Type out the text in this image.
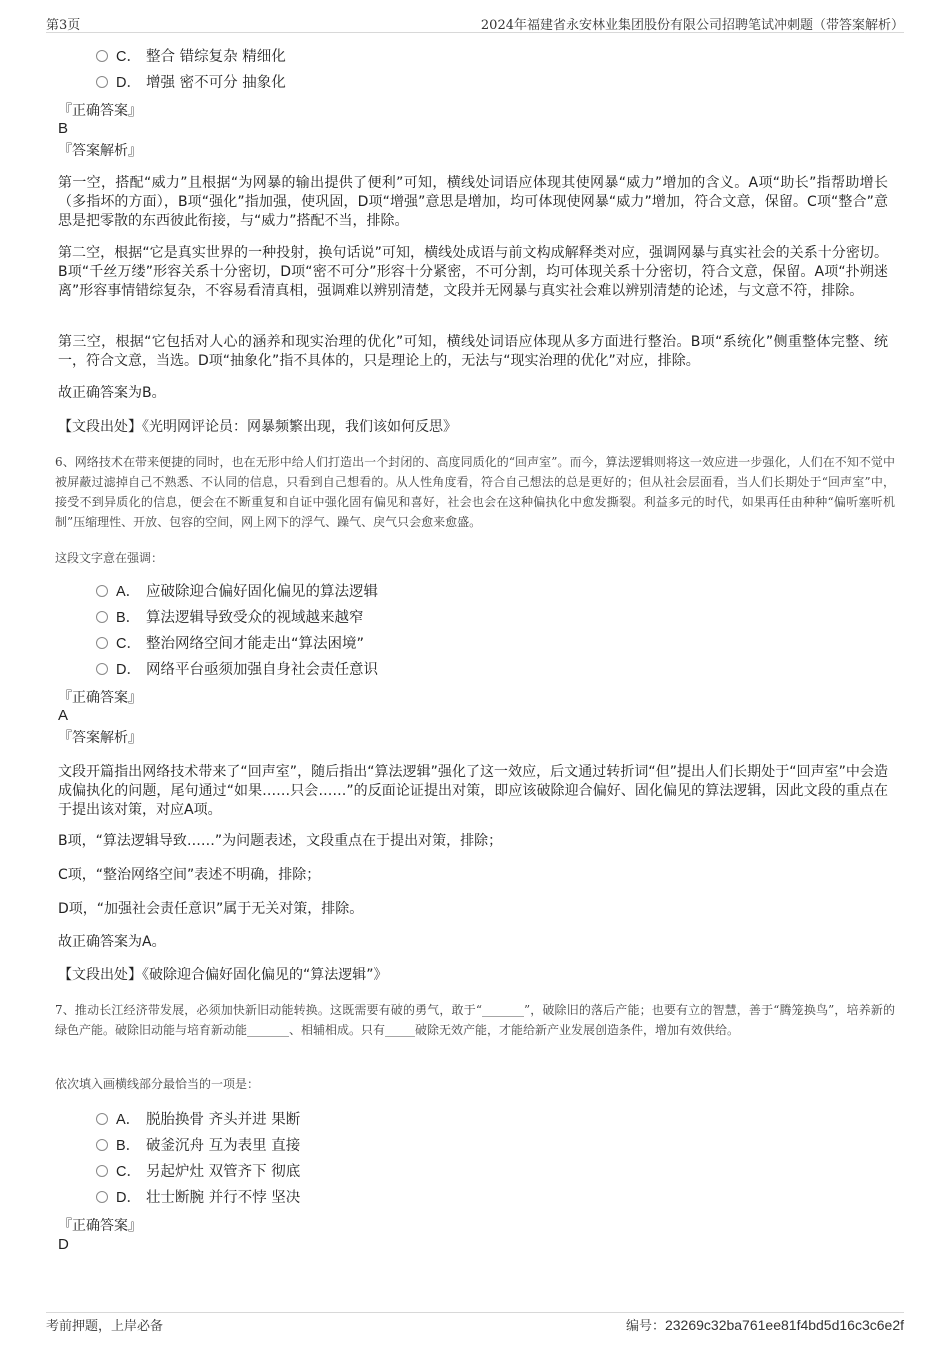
第3页	2024年福建省永安林业集团股份有限公司招聘笔试冲刺题（带答案解析）
C． 整合 错综复杂 精细化
D． 增强 密不可分 抽象化
『正确答案』
B
『答案解析』
第一空，搭配“威力”且根据“为网暴的输出提供了便利”可知，横线处词语应体现其使网暴“威力”增加的含义。A项“助长”指帮助增长（多指坏的方面），B项“强化”指加强，使巩固，D项“增强”意思是增加，均可体现使网暴“威力”增加，符合文意，保留。C项“整合”意思是把零散的东西彼此衔接，与“威力”搭配不当，排除。
第二空，根据“它是真实世界的一种投射，换句话说”可知，横线处成语与前文构成解释类对应，强调网暴与真实社会的关系十分密切。B项“千丝万缕”形容关系十分密切，D项“密不可分”形容十分紧密，不可分割，均可体现关系十分密切，符合文意，保留。A项“扑朔迷离”形容事情错综复杂，不容易看清真相，强调难以辨别清楚，文段并无网暴与真实社会难以辨别清楚的论述，与文意不符，排除。
第三空，根据“它包括对人心的涵养和现实治理的优化”可知，横线处词语应体现从多方面进行整治。B项“系统化”侧重整体完整、统一，符合文意，当选。D项“抽象化”指不具体的，只是理论上的，无法与“现实治理的优化”对应，排除。
故正确答案为B。
【文段出处】《光明网评论员：网暴频繁出现，我们该如何反思》
6、网络技术在带来便捷的同时，也在无形中给人们打造出一个封闭的、高度同质化的“回声室”。而今，算法逻辑则将这一效应进一步强化，人们在不知不觉中被屏蔽过滤掉自己不熟悉、不认同的信息，只看到自己想看的。从人性角度看，符合自己想法的总是更好的；但从社会层面看，当人们长期处于“回声室”中，接受不到异质化的信息，便会在不断重复和自证中强化固有偏见和喜好，社会也会在这种偏执化中愈发撕裂。利益多元的时代，如果再任由种种“偏听塞听机制”压缩理性、开放、包容的空间，网上网下的浮气、躁气、戾气只会愈来愈盛。
这段文字意在强调：
A． 应破除迎合偏好固化偏见的算法逻辑
B． 算法逻辑导致受众的视域越来越窄
C． 整治网络空间才能走出“算法困境”
D． 网络平台亟须加强自身社会责任意识
『正确答案』
A
『答案解析』
文段开篇指出网络技术带来了“回声室”，随后指出“算法逻辑”强化了这一效应，后文通过转折词“但”提出人们长期处于“回声室”中会造成偏执化的问题，尾句通过“如果……只会……”的反面论证提出对策，即应该破除迎合偏好、固化偏见的算法逻辑，因此文段的重点在于提出该对策，对应A项。
B项，“算法逻辑导致……”为问题表述，文段重点在于提出对策，排除；
C项，“整治网络空间”表述不明确，排除；
D项，“加强社会责任意识”属于无关对策，排除。
故正确答案为A。
【文段出处】《破除迎合偏好固化偏见的“算法逻辑”》
7、推动长江经济带发展，必须加快新旧动能转换。这既需要有破的勇气，敢于“_______”，破除旧的落后产能；也要有立的智慧，善于“腾笼换鸟”，培养新的绿色产能。破除旧动能与培育新动能_______、相辅相成。只有_____破除无效产能，才能给新产业发展创造条件，增加有效供给。
依次填入画横线部分最恰当的一项是：
A． 脱胎换骨 齐头并进 果断
B． 破釜沉舟 互为表里 直接
C． 另起炉灶 双管齐下 彻底
D． 壮士断腕 并行不悖 坚决
『正确答案』
D
考前押题，上岸必备	编号：23269c32ba761ee81f4bd5d16c3c6e2f
